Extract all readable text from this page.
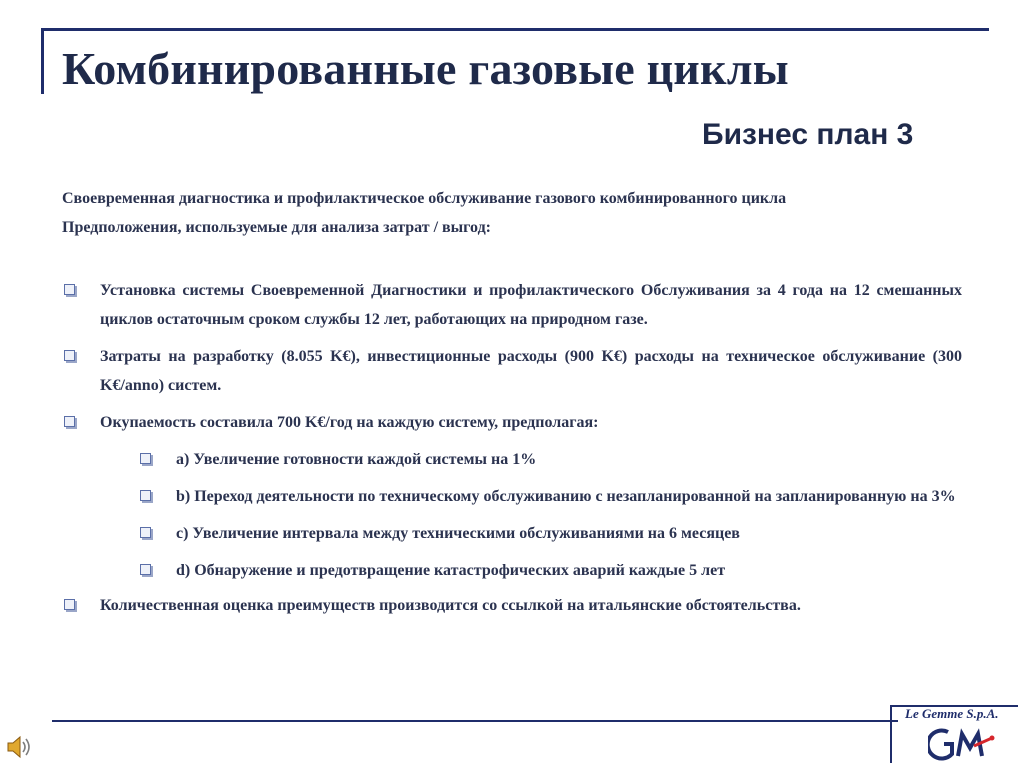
Комбинированные газовые циклы
Бизнес план 3
Своевременная диагностика и профилактическое обслуживание газового комбинированного цикла
Предположения, используемые для анализа затрат / выгод:
Установка системы Своевременной Диагностики и профилактического Обслуживания за 4 года на 12 смешанных циклов остаточным сроком службы 12 лет, работающих на природном газе.
Затраты на разработку (8.055 K€), инвестиционные расходы (900 K€) расходы на техническое обслуживание (300 K€/anno) систем.
Окупаемость составила 700 K€/год на каждую систему, предполагая:
a) Увеличение готовности каждой системы на 1%
b) Переход деятельности по техническому обслуживанию с незапланированной на запланированную на 3%
c) Увеличение интервала между техническими обслуживаниями на 6 месяцев
d) Обнаружение и предотвращение катастрофических аварий каждые 5 лет
Количественная оценка преимуществ производится со ссылкой на итальянские обстоятельства.
Le Gemme S.p.A.
